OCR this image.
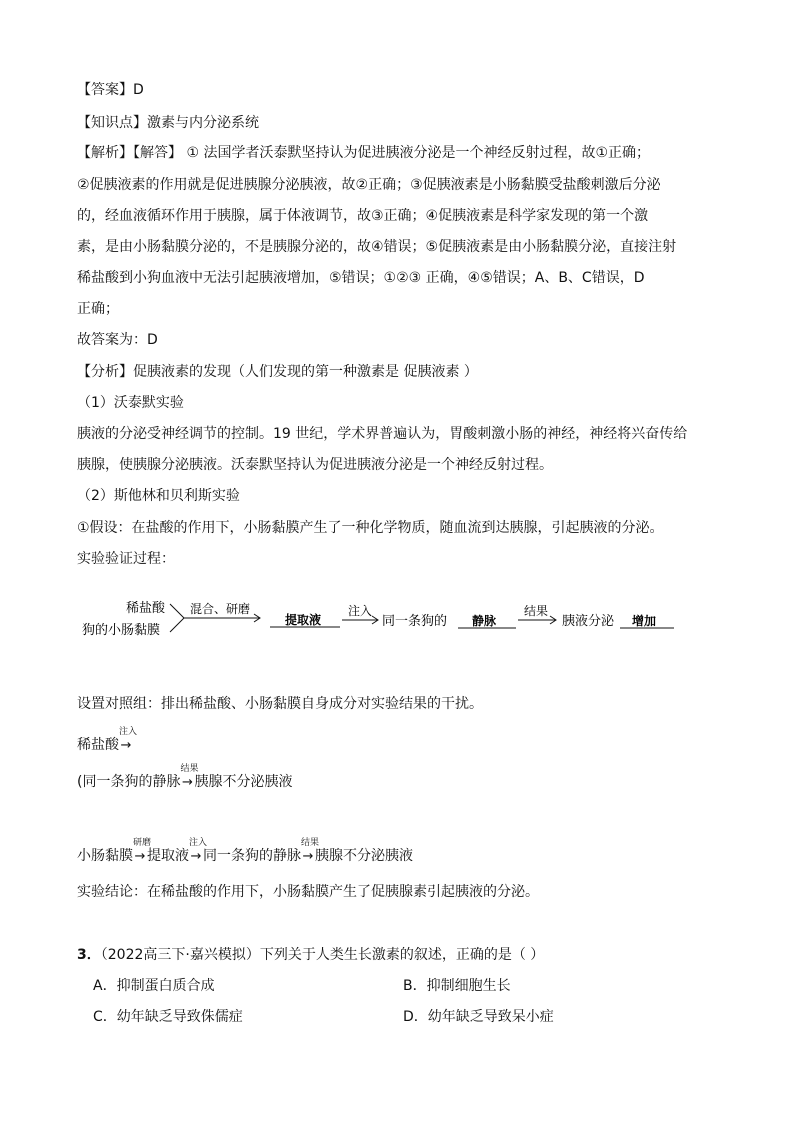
【答案】D
【知识点】激素与内分泌系统
【解析】【解答】 ① 法国学者沃泰默坚持认为促进胰液分泌是一个神经反射过程，故①正确；
②促胰液素的作用就是促进胰腺分泌胰液，故②正确；③促胰液素是小肠黏膜受盐酸刺激后分泌
的，经血液循环作用于胰腺，属于体液调节，故③正确；④促胰液素是科学家发现的第一个激
素，是由小肠黏膜分泌的，不是胰腺分泌的，故④错误；⑤促胰液素是由小肠黏膜分泌，直接注射
稀盐酸到小狗血液中无法引起胰液增加，⑤错误；①②③ 正确，④⑤错误；A、B、C错误，D
正确；
故答案为：D
【分析】促胰液素的发现（人们发现的第一种激素是 促胰液素 ）
（1）沃泰默实验
胰液的分泌受神经调节的控制。19 世纪，学术界普遍认为，胃酸刺激小肠的神经，神经将兴奋传给
胰腺，使胰腺分泌胰液。沃泰默坚持认为促进胰液分泌是一个神经反射过程。
（2）斯他林和贝利斯实验
①假设：在盐酸的作用下，小肠黏膜产生了一种化学物质，随血流到达胰腺，引起胰液的分泌。
实验验证过程：
稀盐酸
狗的小肠黏膜
混合、研磨
提取液
注入
同一条狗的 静脉
结果
胰液分泌 增加
设置对照组：排出稀盐酸、小肠黏膜自身成分对实验结果的干扰。
稀盐酸
注入
→
(同一条狗的静脉
结果
→ 胰腺不分泌胰液
小肠黏膜
研磨
→ 提取液
注入
→ 同一条狗的静脉
结果
→ 胰腺不分泌胰液
实验结论：在稀盐酸的作用下，小肠黏膜产生了促胰腺素引起胰液的分泌。
3．（2022高三下·嘉兴模拟）下列关于人类生长激素的叙述，正确的是（ ）
A．抑制蛋白质合成	B．抑制细胞生长
C．幼年缺乏导致侏儒症	D．幼年缺乏导致呆小症
